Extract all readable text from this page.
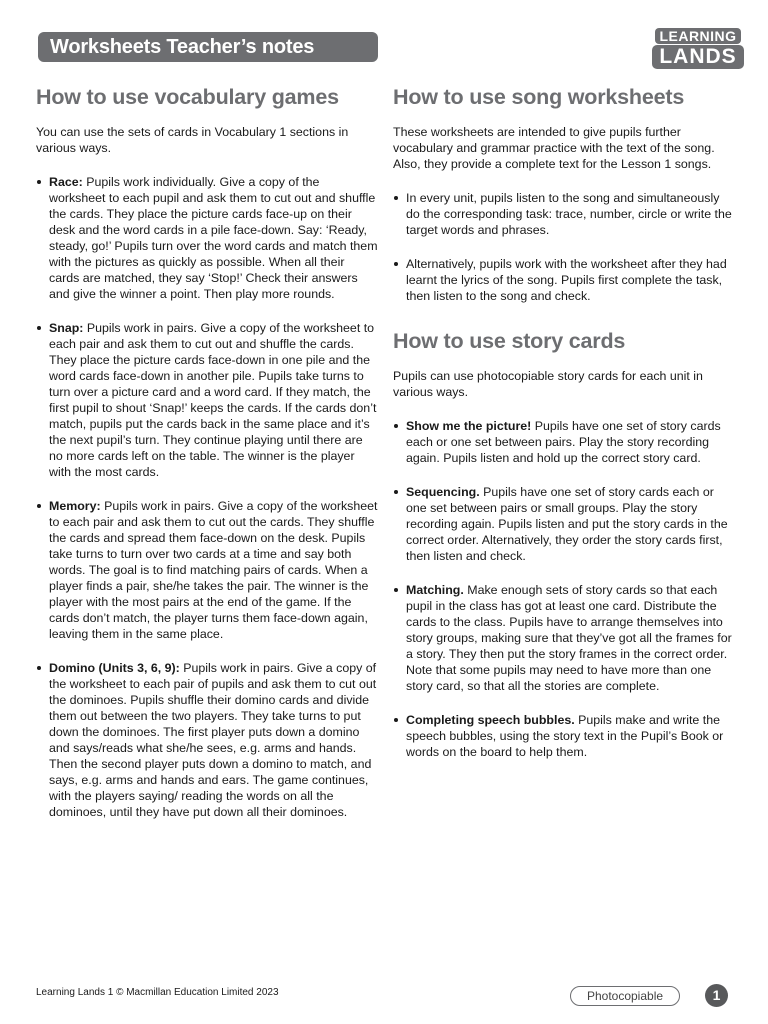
Worksheets Teacher’s notes	LEARNING
LANDS
How to use vocabulary games

You can use the sets of cards in Vocabulary 1 sections in various ways.

Race: Pupils work individually. Give a copy of the worksheet to each pupil and ask them to cut out and shuffle the cards. They place the picture cards face-up on their desk and the word cards in a pile face-down. Say: ‘Ready, steady, go!’ Pupils turn over the word cards and match them with the pictures as quickly as possible. When all their cards are matched, they say ‘Stop!’ Check their answers and give the winner a point. Then play more rounds.
Snap: Pupils work in pairs. Give a copy of the worksheet to each pair and ask them to cut out and shuffle the cards. They place the picture cards face-down in one pile and the word cards face-down in another pile. Pupils take turns to turn over a picture card and a word card. If they match, the first pupil to shout ‘Snap!’ keeps the cards. If the cards don’t match, pupils put the cards back in the same place and it’s the next pupil’s turn. They continue playing until there are no more cards left on the table. The winner is the player with the most cards.
Memory: Pupils work in pairs. Give a copy of the worksheet to each pair and ask them to cut out the cards. They shuffle the cards and spread them face-down on the desk. Pupils take turns to turn over two cards at a time and say both words. The goal is to find matching pairs of cards. When a player finds a pair, she/he takes the pair. The winner is the player with the most pairs at the end of the game. If the cards don’t match, the player turns them face-down again, leaving them in the same place.
Domino (Units 3, 6, 9): Pupils work in pairs. Give a copy of the worksheet to each pair of pupils and ask them to cut out the dominoes. Pupils shuffle their domino cards and divide them out between the two players. They take turns to put down the dominoes. The first player puts down a domino and says/reads what she/he sees, e.g. arms and hands. Then the second player puts down a domino to match, and says, e.g. arms and hands and ears. The game continues, with the players saying/ reading the words on all the dominoes, until they have put down all their dominoes.
How to use song worksheets

These worksheets are intended to give pupils further vocabulary and grammar practice with the text of the song. Also, they provide a complete text for the Lesson 1 songs.

In every unit, pupils listen to the song and simultaneously do the corresponding task: trace, number, circle or write the target words and phrases.
Alternatively, pupils work with the worksheet after they had learnt the lyrics of the song. Pupils first complete the task, then listen to the song and check.
How to use story cards

Pupils can use photocopiable story cards for each unit in various ways.

Show me the picture! Pupils have one set of story cards each or one set between pairs. Play the story recording again. Pupils listen and hold up the correct story card.
Sequencing. Pupils have one set of story cards each or one set between pairs or small groups. Play the story recording again. Pupils listen and put the story cards in the correct order. Alternatively, they order the story cards first, then listen and check.
Matching. Make enough sets of story cards so that each pupil in the class has got at least one card. Distribute the cards to the class. Pupils have to arrange themselves into story groups, making sure that they’ve got all the frames for a story. They then put the story frames in the correct order. Note that some pupils may need to have more than one story card, so that all the stories are complete.
Completing speech bubbles. Pupils make and write the speech bubbles, using the story text in the Pupil’s Book or words on the board to help them.
Learning Lands 1 © Macmillan Education Limited 2023	Photocopiable	1
